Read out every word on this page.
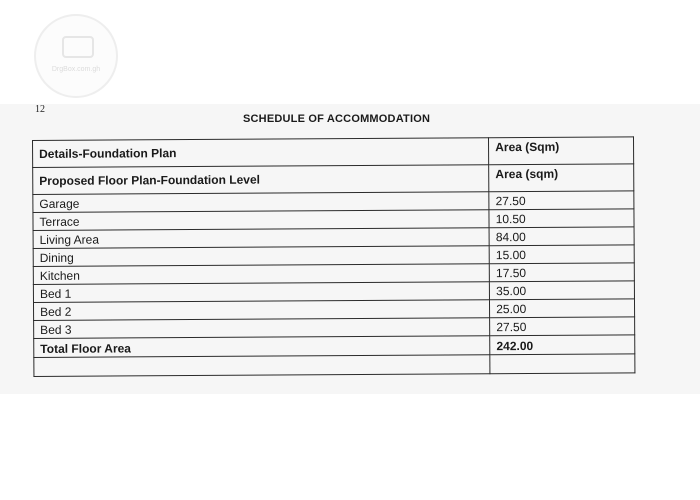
DrgBox.com.gh
12
SCHEDULE OF ACCOMMODATION
Details-Foundation Plan	Area (Sqm)
Proposed Floor Plan-Foundation Level	Area (sqm)
Garage	27.50
Terrace	10.50
Living Area	84.00
Dining	15.00
Kitchen	17.50
Bed 1	35.00
Bed 2	25.00
Bed 3	27.50
Total Floor Area	242.00
